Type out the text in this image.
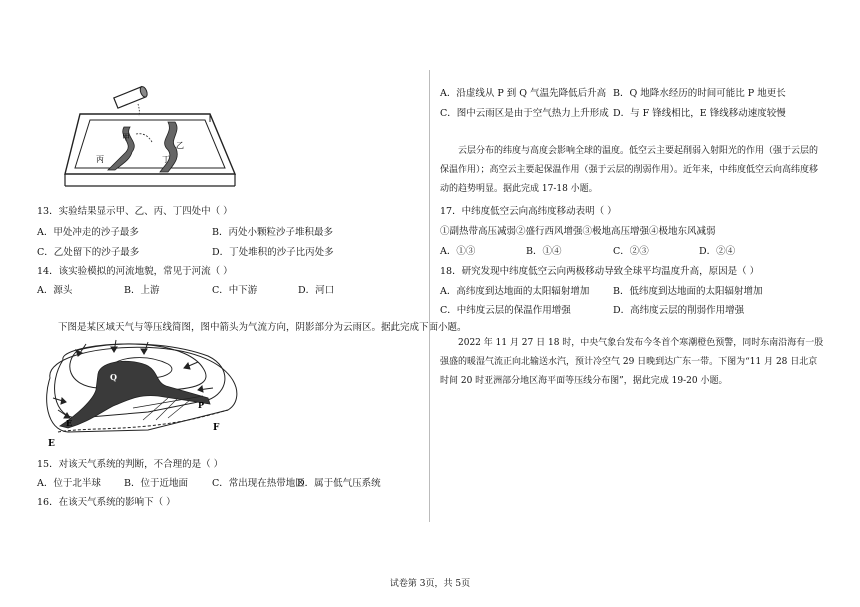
甲
乙
丙	丁
13．实验结果显示甲、乙、丙、丁四处中（ ）
A．甲处冲走的沙子最多	B．丙处小颗粒沙子堆积最多
C．乙处留下的沙子最多	D．丁处堆积的沙子比丙处多
14．该实验模拟的河流地貌，常见于河流（ ）
A．源头	B．上游	C．中下游	D．河口
下图是某区域天气与等压线简图，图中箭头为气流方向，阴影部分为云雨区。据此完成下面小题。
Q
P
E
E
F
15．对该天气系统的判断，不合理的是（ ）
A．位于北半球 B．位于近地面	C．常出现在热带地区
D．属于低气压系统
16．在该天气系统的影响下（ ）
A．沿虚线从 P 到 Q 气温先降低后升高 B．Q 地降水经历的时间可能比 P 地更长
C．图中云雨区是由于空气热力上升形成 D．与 F 锋线相比，E 锋线移动速度较慢
云层分布的纬度与高度会影响全球的温度。低空云主要起削弱入射阳光的作用（强于云层的保温作用）；高空云主要起保温作用（强于云层的削弱作用）。近年来，中纬度低空云向高纬度移动的趋势明显。据此完成 17-18 小题。
17．中纬度低空云向高纬度移动表明（ ）
①副热带高压减弱②盛行西风增强③极地高压增强④极地东风减弱
A．①③	B．①④	C．②③	D．②④
18．研究发现中纬度低空云向两极移动导致全球平均温度升高，原因是（ ）
A．高纬度到达地面的太阳辐射增加 B．低纬度到达地面的太阳辐射增加
C．中纬度云层的保温作用增强	D．高纬度云层的削弱作用增强
2022 年 11 月 27 日 18 时，中央气象台发布今冬首个寒潮橙色预警，同时东南沿海有一股强盛的暖湿气流正向北输送水汽，预计冷空气 29 日晚到达广东一带。下图为“11 月 28 日北京时间 20 时亚洲部分地区海平面等压线分布图”，据此完成 19-20 小题。
试卷第 3页，共 5页
